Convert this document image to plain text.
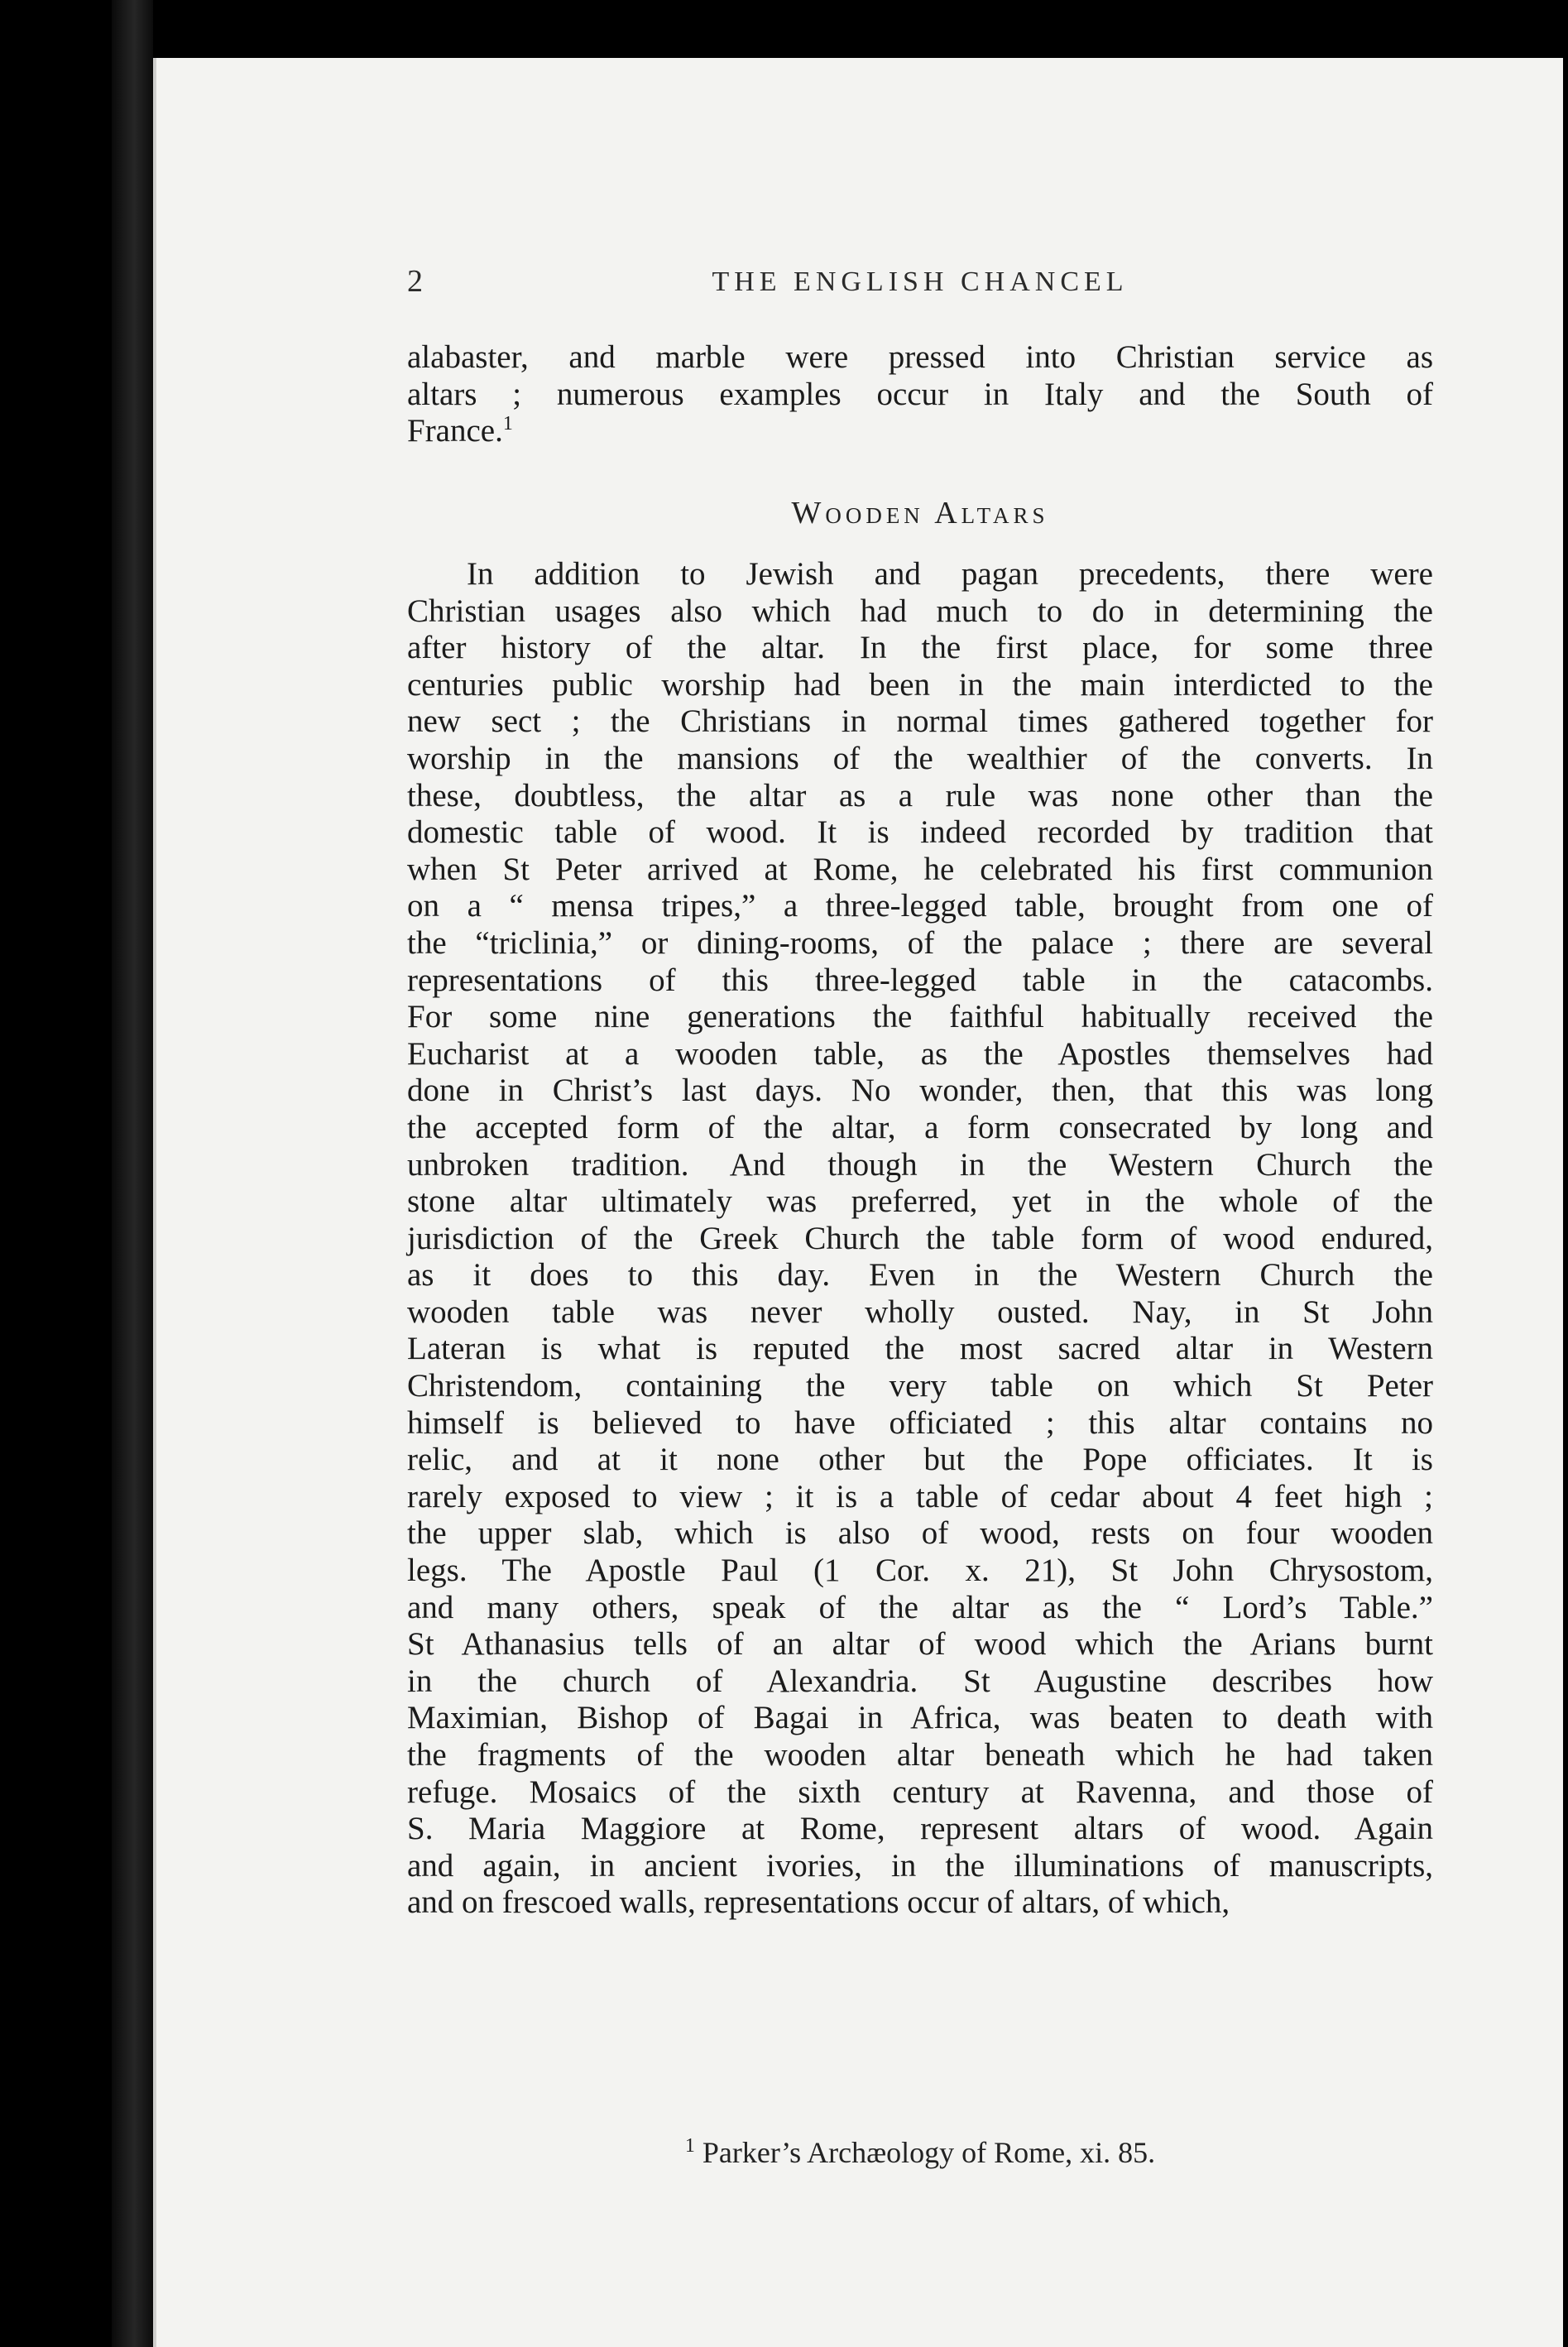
2	THE ENGLISH CHANCEL

alabaster, and marble were pressed into Christian service as
altars ; numerous examples occur in Italy and the South of
France.$^1$

Wooden Altars

In addition to Jewish and pagan precedents, there were
Christian usages also which had much to do in determining the
after history of the altar. In the first place, for some three
centuries public worship had been in the main interdicted to the
new sect ; the Christians in normal times gathered together for
worship in the mansions of the wealthier of the converts. In
these, doubtless, the altar as a rule was none other than the
domestic table of wood. It is indeed recorded by tradition that
when St Peter arrived at Rome, he celebrated his first communion
on a “ mensa tripes,” a three-legged table, brought from one of
the “triclinia,” or dining-rooms, of the palace ; there are several
representations of this three-legged table in the catacombs.
For some nine generations the faithful habitually received the
Eucharist at a wooden table, as the Apostles themselves had
done in Christ’s last days. No wonder, then, that this was long
the accepted form of the altar, a form consecrated by long and
unbroken tradition. And though in the Western Church the
stone altar ultimately was preferred, yet in the whole of the
jurisdiction of the Greek Church the table form of wood endured,
as it does to this day. Even in the Western Church the
wooden table was never wholly ousted. Nay, in St John
Lateran is what is reputed the most sacred altar in Western
Christendom, containing the very table on which St Peter
himself is believed to have officiated ; this altar contains no
relic, and at it none other but the Pope officiates. It is
rarely exposed to view ; it is a table of cedar about 4 feet high ;
the upper slab, which is also of wood, rests on four wooden
legs. The Apostle Paul (1 Cor. x. 21), St John Chrysostom,
and many others, speak of the altar as the “ Lord’s Table.”
St Athanasius tells of an altar of wood which the Arians burnt
in the church of Alexandria. St Augustine describes how
Maximian, Bishop of Bagai in Africa, was beaten to death with
the fragments of the wooden altar beneath which he had taken
refuge. Mosaics of the sixth century at Ravenna, and those of
S. Maria Maggiore at Rome, represent altars of wood. Again
and again, in ancient ivories, in the illuminations of manuscripts,
and on frescoed walls, representations occur of altars, of which,

$^1$ Parker’s Archæology of Rome, xi. 85.
